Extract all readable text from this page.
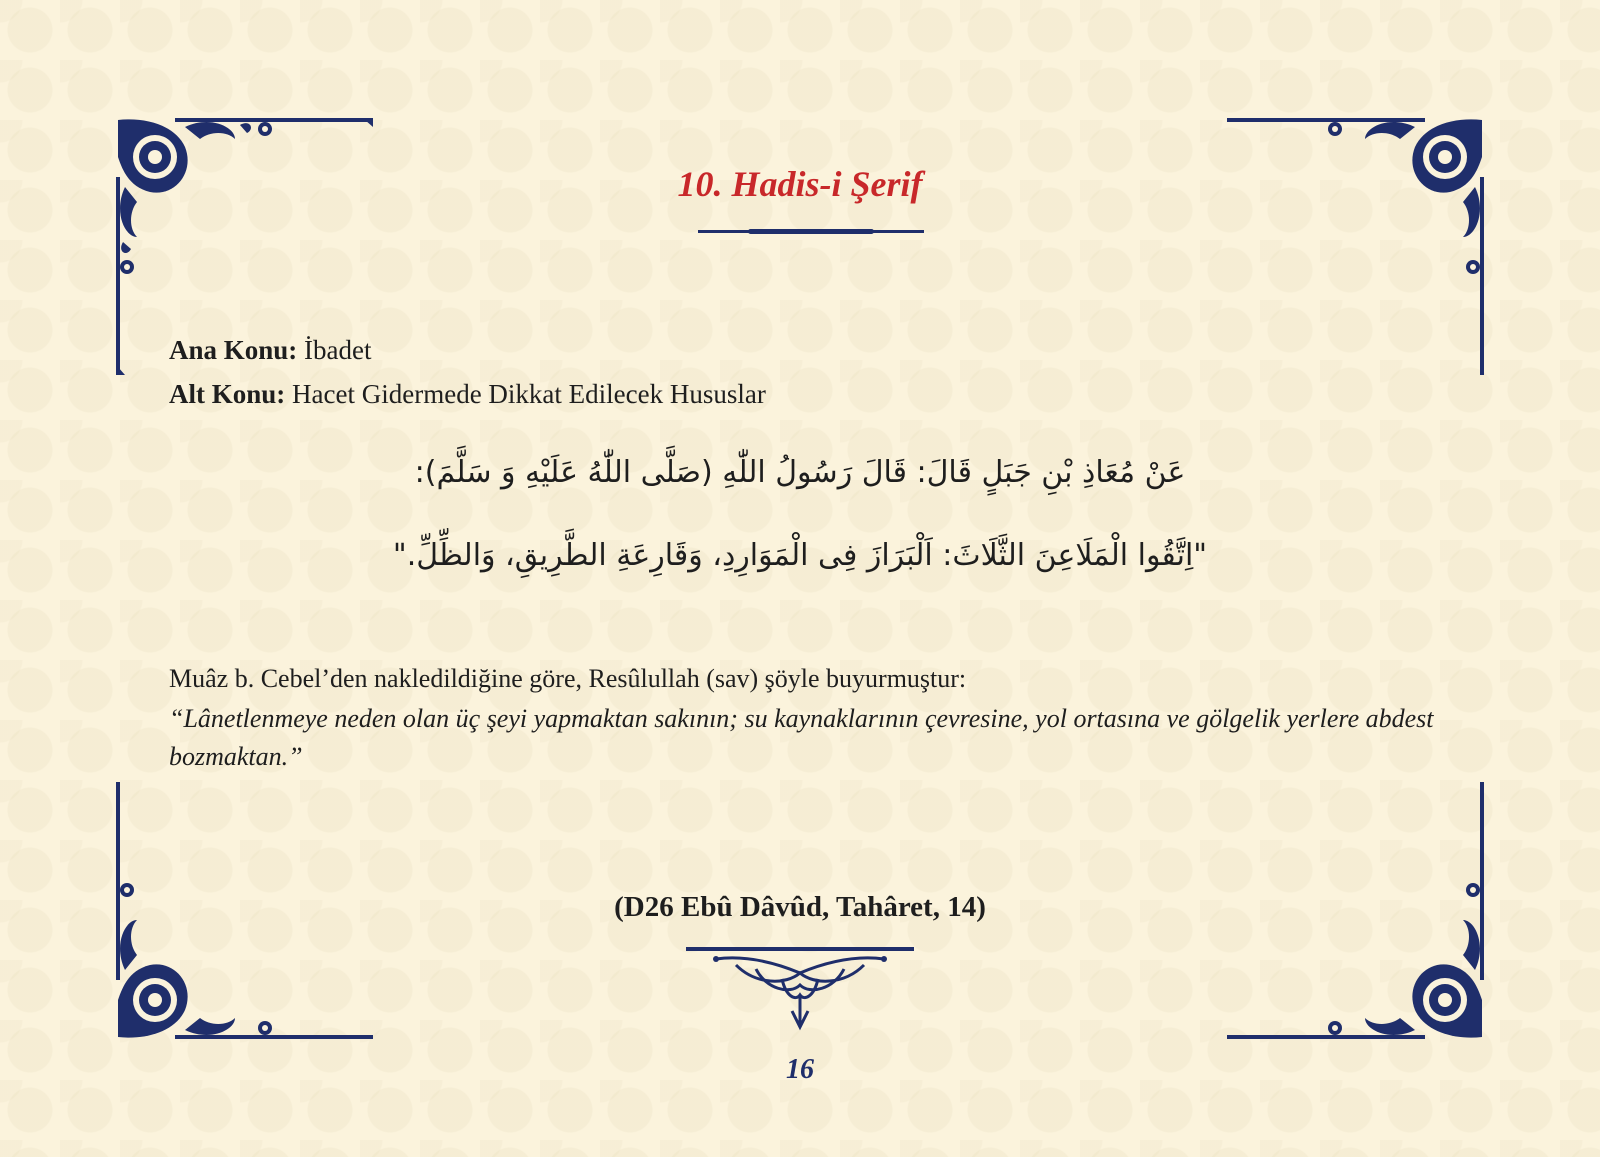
10. Hadis-i Şerif
Ana Konu: İbadet
Alt Konu: Hacet Gidermede Dikkat Edilecek Hususlar
عَنْ مُعَاذِ بْنِ جَبَلٍ قَالَ: قَالَ رَسُولُ اللّٰهِ (صَلَّى اللّٰهُ عَلَيْهِ وَ سَلَّمَ):
"اِتَّقُوا الْمَلَاعِنَ الثَّلَاثَ: اَلْبَرَازَ فِى الْمَوَارِدِ، وَقَارِعَةِ الطَّرِيقِ، وَالظِّلِّ."
Muâz b. Cebel’den nakledildiğine göre, Resûlullah (sav) şöyle buyurmuştur:
“Lânetlenmeye neden olan üç şeyi yapmaktan sakının; su kaynaklarının çevresine, yol ortasına ve gölgelik yerlere abdest bozmaktan.”
(D26 Ebû Dâvûd, Tahâret, 14)
16
